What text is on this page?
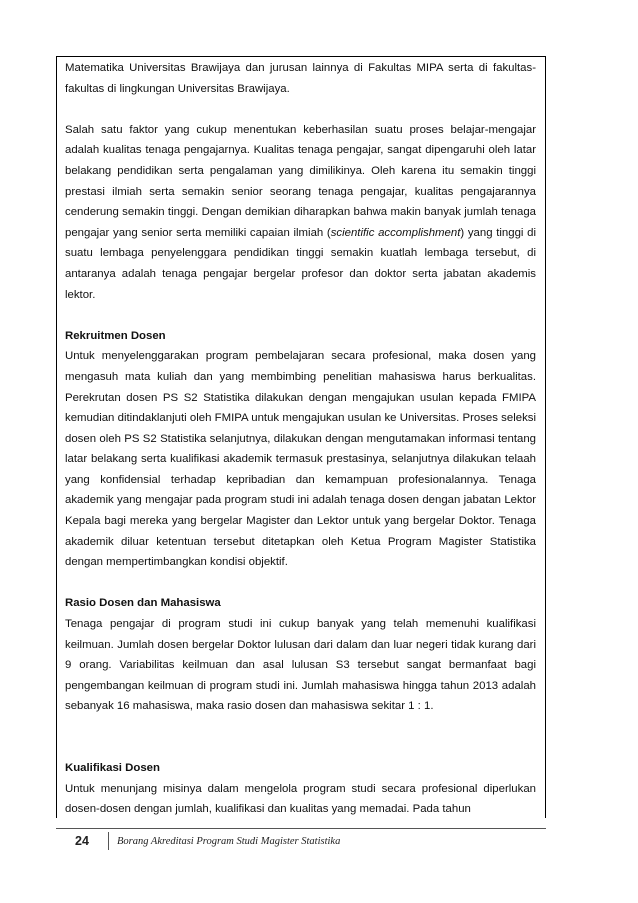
Matematika Universitas Brawijaya dan jurusan lainnya di Fakultas MIPA serta di fakultas-fakultas di lingkungan Universitas Brawijaya.

Salah satu faktor yang cukup menentukan keberhasilan suatu proses belajar-mengajar adalah kualitas tenaga pengajarnya. Kualitas tenaga pengajar, sangat dipengaruhi oleh latar belakang pendidikan serta pengalaman yang dimilikinya. Oleh karena itu semakin tinggi prestasi ilmiah serta semakin senior seorang tenaga pengajar, kualitas pengajarannya cenderung semakin tinggi. Dengan demikian diharapkan bahwa makin banyak jumlah tenaga pengajar yang senior serta memiliki capaian ilmiah (scientific accomplishment) yang tinggi di suatu lembaga penyelenggara pendidikan tinggi semakin kuatlah lembaga tersebut, di antaranya adalah tenaga pengajar bergelar profesor dan doktor serta jabatan akademis lektor.

Rekruitmen Dosen

Untuk menyelenggarakan program pembelajaran secara profesional, maka dosen yang mengasuh mata kuliah dan yang membimbing penelitian mahasiswa harus berkualitas. Perekrutan dosen PS S2 Statistika dilakukan dengan mengajukan usulan kepada FMIPA kemudian ditindaklanjuti oleh FMIPA untuk mengajukan usulan ke Universitas. Proses seleksi dosen oleh PS S2 Statistika selanjutnya, dilakukan dengan mengutamakan informasi tentang latar belakang serta kualifikasi akademik termasuk prestasinya, selanjutnya dilakukan telaah yang konfidensial terhadap kepribadian dan kemampuan profesionalannya. Tenaga akademik yang mengajar pada program studi ini adalah tenaga dosen dengan jabatan Lektor Kepala bagi mereka yang bergelar Magister dan Lektor untuk yang bergelar Doktor. Tenaga akademik diluar ketentuan tersebut ditetapkan oleh Ketua Program Magister Statistika dengan mempertimbangkan kondisi objektif.

Rasio Dosen dan Mahasiswa

Tenaga pengajar di program studi ini cukup banyak yang telah memenuhi kualifikasi keilmuan. Jumlah dosen bergelar Doktor lulusan dari dalam dan luar negeri tidak kurang dari 9 orang. Variabilitas keilmuan dan asal lulusan S3 tersebut sangat bermanfaat bagi pengembangan keilmuan di program studi ini. Jumlah mahasiswa hingga tahun 2013 adalah sebanyak 16 mahasiswa, maka rasio dosen dan mahasiswa sekitar 1 : 1.

Kualifikasi Dosen

Untuk menunjang misinya dalam mengelola program studi secara profesional diperlukan dosen-dosen dengan jumlah, kualifikasi dan kualitas yang memadai. Pada tahun

24	Borang Akreditasi Program Studi Magister Statistika
